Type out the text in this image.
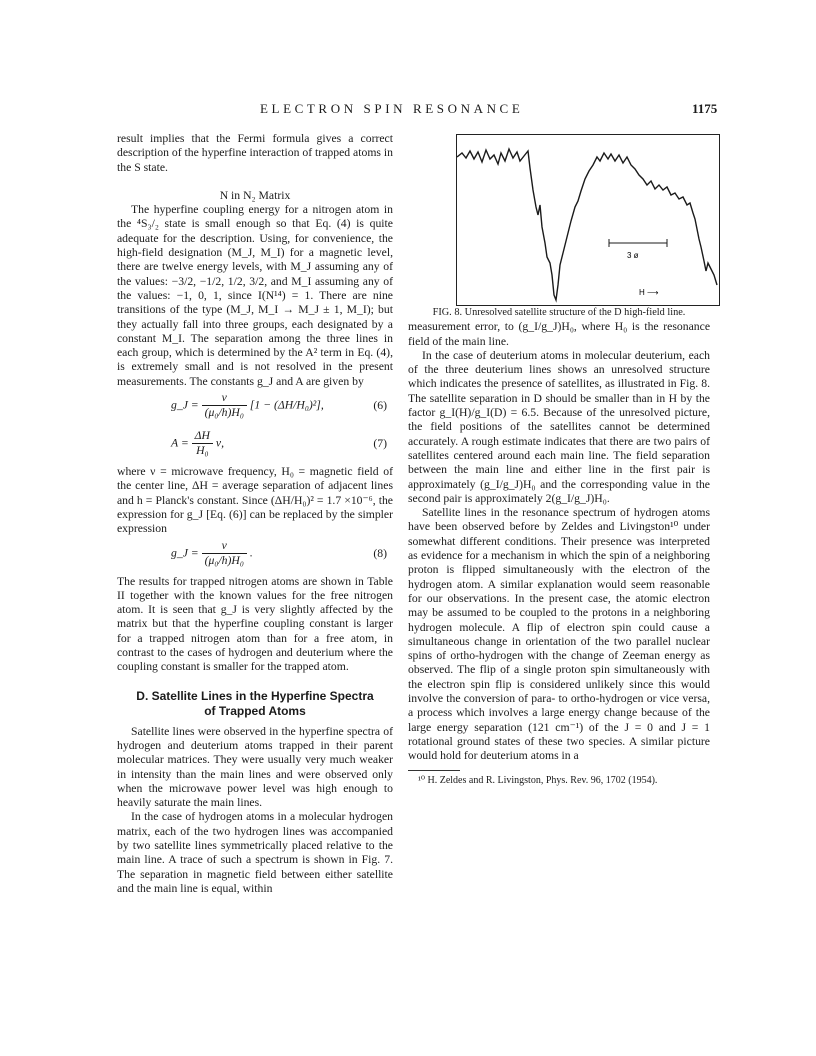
ELECTRON SPIN RESONANCE	1175

result implies that the Fermi formula gives a correct description of the hyperfine interaction of trapped atoms in the S state.

N in N₂ Matrix

The hyperfine coupling energy for a nitrogen atom in the ⁴S₃/₂ state is small enough so that Eq. (4) is quite adequate for the description. Using, for convenience, the high-field designation (M_J, M_I) for a magnetic level, there are twelve energy levels, with M_J assuming any of the values: −3/2, −1/2, 1/2, 3/2, and M_I assuming any of the values: −1, 0, 1, since I(N¹⁴) = 1. There are nine transitions of the type (M_J, M_I → M_J ± 1, M_I); but they actually fall into three groups, each designated by a constant M_I. The separation among the three lines in each group, which is determined by the A² term in Eq. (4), is extremely small and is not resolved in the present measurements. The constants g_J and A are given by

g_J = $\frac{\nu}{\text{(μ₀/h)H₀}} [1 - (\Delta H/H_0)^2]$,	(6)
$A = \frac{\Delta H}{\text{H₀}} \nu$,	(7)

where ν = microwave frequency, H₀ = magnetic field of the center line, ΔH = average separation of adjacent lines and h = Planck's constant. Since (ΔH/H₀)² = 1.7 ×10⁻⁶, the expression for g_J [Eq. (6)] can be replaced by the simpler expression

g_J = $\frac{\nu}{\text{(μ₀/h)H₀}}$ .	(8)

The results for trapped nitrogen atoms are shown in Table II together with the known values for the free nitrogen atom. It is seen that g_J is very slightly affected by the matrix but that the hyperfine coupling constant is larger for a trapped nitrogen atom than for a free atom, in contrast to the cases of hydrogen and deuterium where the coupling constant is smaller for the trapped atom.

D. Satellite Lines in the Hyperfine Spectra
of Trapped Atoms

Satellite lines were observed in the hyperfine spectra of hydrogen and deuterium atoms trapped in their parent molecular matrices. They were usually very much weaker in intensity than the main lines and were observed only when the microwave power level was high enough to heavily saturate the main lines.

In the case of hydrogen atoms in a molecular hydrogen matrix, each of the two hydrogen lines was accompanied by two satellite lines symmetrically placed relative to the main line. A trace of such a spectrum is shown in Fig. 7. The separation in magnetic field between either satellite and the main line is equal, within

3 ø
H ⟶

FIG. 8. Unresolved satellite structure of the D high-field line.

measurement error, to (g_I/g_J)H₀, where H₀ is the resonance field of the main line.

In the case of deuterium atoms in molecular deuterium, each of the three deuterium lines shows an unresolved structure which indicates the presence of satellites, as illustrated in Fig. 8. The satellite separation in D should be smaller than in H by the factor g_I(H)/g_I(D) = 6.5. Because of the unresolved picture, the field positions of the satellites cannot be determined accurately. A rough estimate indicates that there are two pairs of satellites centered around each main line. The field separation between the main line and either line in the first pair is approximately (g_I/g_J)H₀ and the corresponding value in the second pair is approximately 2(g_I/g_J)H₀.

Satellite lines in the resonance spectrum of hydrogen atoms have been observed before by Zeldes and Livingston¹⁰ under somewhat different conditions. Their presence was interpreted as evidence for a mechanism in which the spin of a neighboring proton is flipped simultaneously with the electron of the hydrogen atom. A similar explanation would seem reasonable for our observations. In the present case, the atomic electron may be assumed to be coupled to the protons in a neighboring hydrogen molecule. A flip of electron spin could cause a simultaneous change in orientation of the two parallel nuclear spins of ortho-hydrogen with the change of Zeeman energy as observed. The flip of a single proton spin simultaneously with the electron spin flip is considered unlikely since this would involve the conversion of para- to ortho-hydrogen or vice versa, a process which involves a large energy change because of the large energy separation (121 cm⁻¹) of the J = 0 and J = 1 rotational ground states of these two species. A similar picture would hold for deuterium atoms in a

¹⁰ H. Zeldes and R. Livingston, Phys. Rev. 96, 1702 (1954).
